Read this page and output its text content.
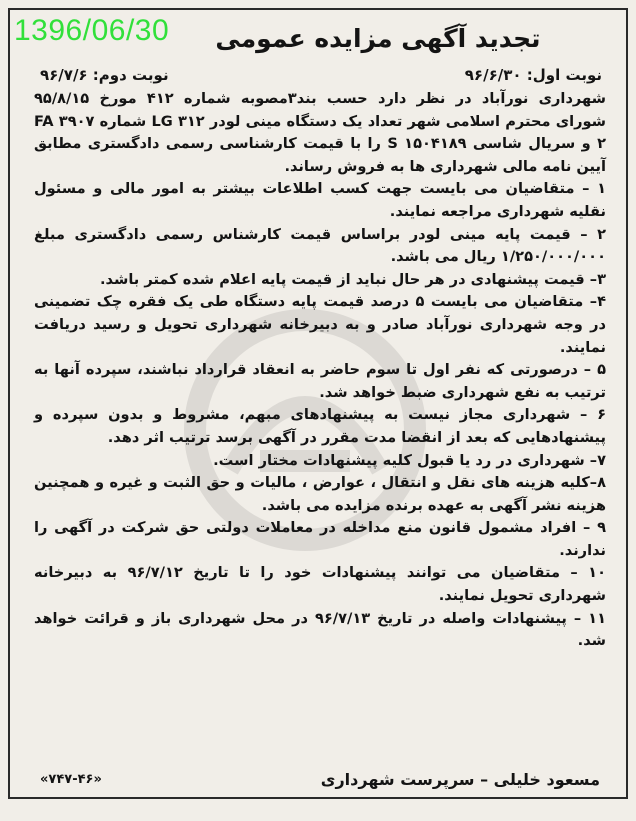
1396/06/30	تجدید آگهی مزایده عمومی
نوبت اول: ۹۶/۶/۳۰
نوبت دوم: ۹۶/۷/۶

شهرداری نورآباد در نظر دارد حسب بند۳مصوبه شماره ۴۱۲ مورخ ۹۵/۸/۱۵ شورای محترم اسلامی شهر تعداد یک دستگاه مینی لودر LG ۳۱۲ شماره ۳۹۰۷ FA ۲ و سریال شاسی S ۱۵۰۴۱۸۹ را با قیمت کارشناسی رسمی دادگستری مطابق آیین نامه مالی شهرداری ها به فروش رساند.

۱ – متقاضیان می بایست جهت کسب اطلاعات بیشتر به امور مالی و مسئول نقلیه شهرداری مراجعه نمایند.

۲ – قیمت پایه مینی لودر براساس قیمت کارشناس رسمی دادگستری مبلغ ۱/۲۵۰/۰۰۰/۰۰۰ ریال می باشد.

۳– قیمت پیشنهادی در هر حال نباید از قیمت پایه اعلام شده کمتر باشد.

۴– متقاضیان می بایست ۵ درصد قیمت پایه دستگاه طی یک فقره چک تضمینی در وجه شهرداری نورآباد صادر و به دبیرخانه شهرداری تحویل و رسید دریافت نمایند.

۵ – درصورتی که نفر اول تا سوم حاضر به انعقاد قرارداد نباشند، سپرده آنها به ترتیب به نفع شهرداری ضبط خواهد شد.

۶ – شهرداری مجاز نیست به پیشنهادهای مبهم، مشروط و بدون سپرده و پیشنهادهایی که بعد از انقضا مدت مقرر در آگهی برسد ترتیب اثر دهد.

۷– شهرداری در رد یا قبول کلیه پیشنهادات مختار است.

۸–کلیه هزینه های نقل و انتقال ، عوارض ، مالیات و حق الثبت و غیره و همچنین هزینه نشر آگهی به عهده برنده مزایده می باشد.

۹ – افراد مشمول قانون منع مداخله در معاملات دولتی حق شرکت در آگهی را ندارند.

۱۰ – متقاضیان می توانند پیشنهادات خود را تا تاریخ ۹۶/۷/۱۲ به دبیرخانه شهرداری تحویل نمایند.

۱۱ – پیشنهادات واصله در تاریخ ۹۶/۷/۱۳ در محل شهرداری باز و قرائت خواهد شد.

مسعود خلیلی – سرپرست شهرداری
«۷۴۷-۴۶»
